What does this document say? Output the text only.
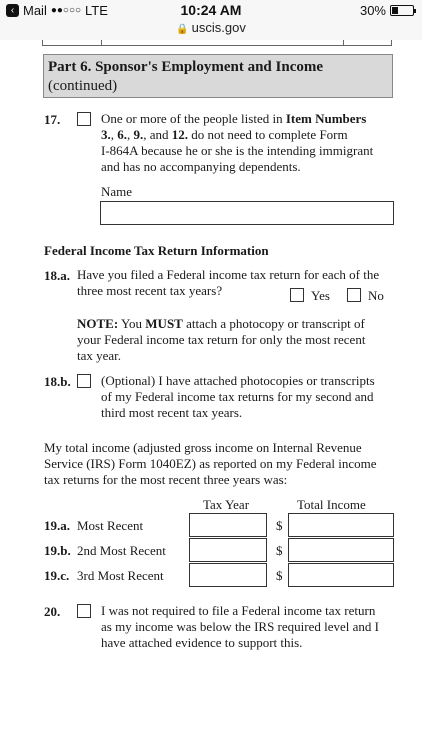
‹ Mail ●●○○○ LTE	10:24 AM
🔒 uscis.gov
30%
Part 6. Sponsor's Employment and Income
(continued)
17.	One or more of the people listed in Item Numbers
3., 6., 9., and 12. do not need to complete Form
I-864A because he or she is the intending immigrant
and has no accompanying dependents.
Name
Federal Income Tax Return Information
18.a. Have you filed a Federal income tax return for each of the
three most recent tax years?	Yes	No
NOTE: You MUST attach a photocopy or transcript of
your Federal income tax return for only the most recent
tax year.
18.b. (Optional) I have attached photocopies or transcripts
of my Federal income tax returns for my second and
third most recent tax years.
My total income (adjusted gross income on Internal Revenue
Service (IRS) Form 1040EZ) as reported on my Federal income
tax returns for the most recent three years was:
Tax Year	Total Income
19.a. Most Recent	$
19.b. 2nd Most Recent	$
19.c. 3rd Most Recent	$
20.	I was not required to file a Federal income tax return
as my income was below the IRS required level and I
have attached evidence to support this.
